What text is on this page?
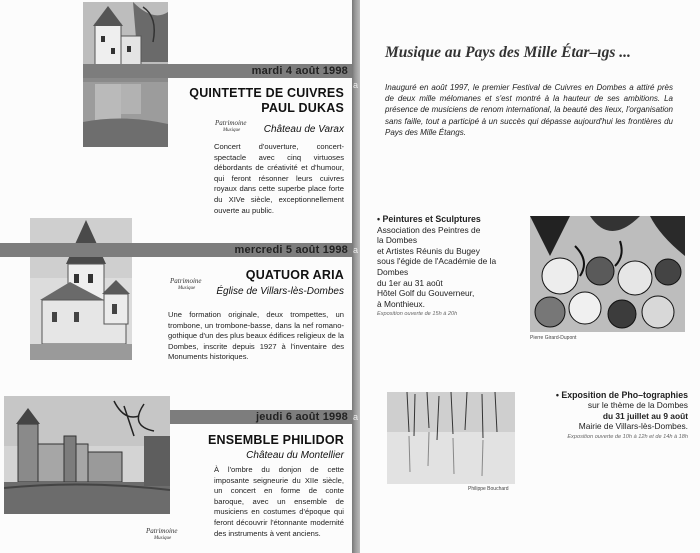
a
a
a
mardi 4 août 1998
QUINTETTE DE CUIVRES
PAUL DUKAS
Patrimoine
Musique	Château de Varax
Concert d'ouverture, concert-spectacle avec cinq virtuoses débordants de créativité et d'humour, qui feront résonner leurs cuivres royaux dans cette superbe place forte du XIVe siècle, exceptionnellement ouverte au public.
mercredi 5 août 1998
QUATUOR ARIA
Patrimoine
Musique	Église de Villars-lès-Dombes
Une formation originale, deux trompettes, un trombone, un trombone-basse, dans la nef romano-gothique d'un des plus beaux édifices religieux de la Dombes, inscrite depuis 1927 à l'inventaire des Monuments historiques.
jeudi 6 août 1998
ENSEMBLE PHILIDOR
Château du Montellier
À l'ombre du donjon de cette imposante seigneurie du XIIe siècle, un concert en forme de conte baroque, avec un ensemble de musiciens en costumes d'époque qui feront découvrir l'étonnante modernité des instruments à vent anciens.
Patrimoine
Musique
Musique au Pays des Mille Étar–ıgs ...
Inauguré en août 1997, le premier Festival de Cuivres en Dombes a attiré près de deux mille mélomanes et s'est montré à la hauteur de ses ambitions. La présence de musiciens de renom international, la beauté des lieux, l'organisation sans faille, tout a participé à un succès qui dépasse aujourd'hui les frontières du Pays des Mille Étangs.
• Peintures et Sculptures
Association des Peintres de
la Dombes
et Artistes Réunis du Bugey
sous l'égide de l'Académie de la
Dombes
du 1er au 31 août
Hôtel Golf du Gouverneur,
à Monthieux.
Exposition ouverte de 15h à 20h
Pierre Girard-Dupont
Philippe Bouchard
• Exposition de Pho–tographies
sur le thème de la Dombes
du 31 juillet au 9 août
Mairie de Villars-lès-Dombes.
Exposition ouverte de 10h à 12h et de 14h à 18h
